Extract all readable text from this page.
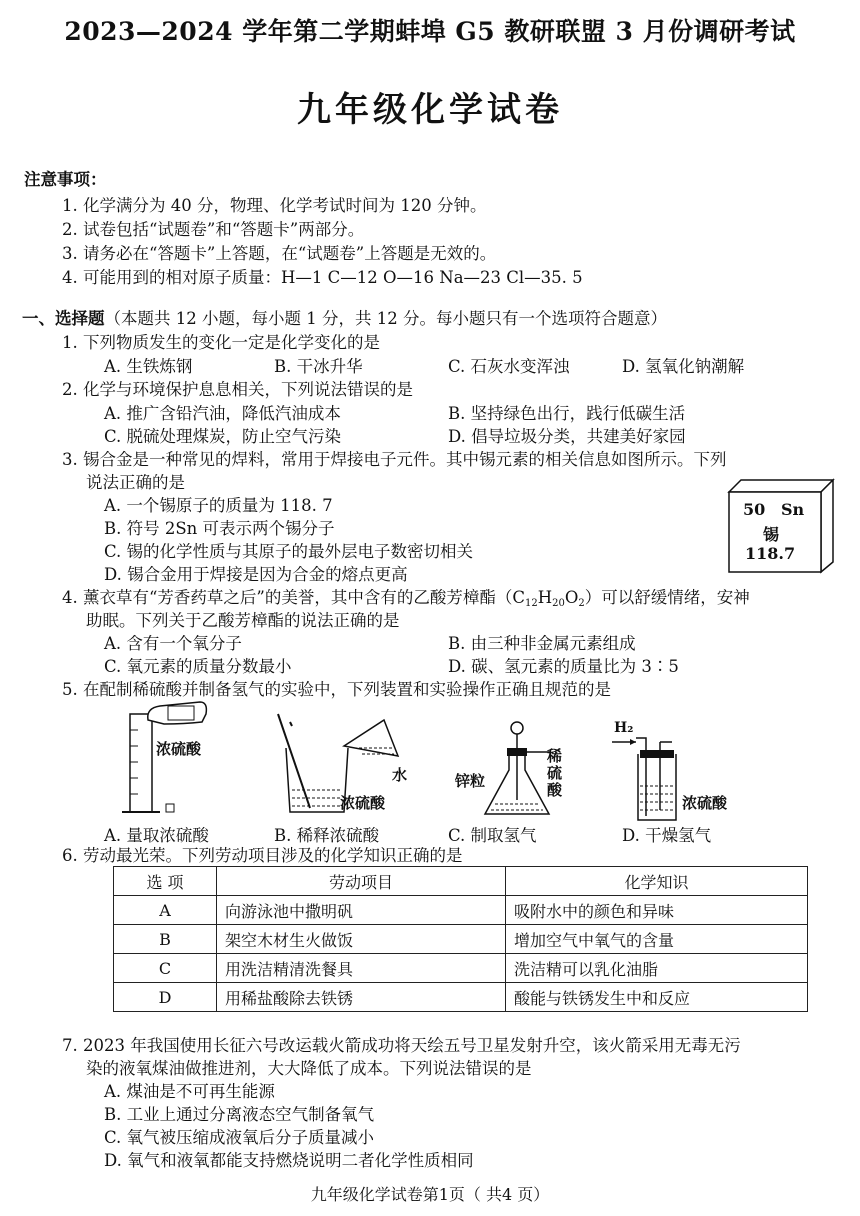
2023—2024 学年第二学期蚌埠 G5 教研联盟 3 月份调研考试
九年级化学试卷
注意事项：
1. 化学满分为 40 分，物理、化学考试时间为 120 分钟。
2. 试卷包括“试题卷”和“答题卡”两部分。
3. 请务必在“答题卡”上答题，在“试题卷”上答题是无效的。
4. 可能用到的相对原子质量：H—1 C—12 O—16 Na—23 Cl—35. 5
一、选择题（本题共 12 小题，每小题 1 分，共 12 分。每小题只有一个选项符合题意）
1. 下列物质发生的变化一定是化学变化的是
A. 生铁炼钢	B. 干冰升华	C. 石灰水变浑浊	D. 氢氧化钠潮解
2. 化学与环境保护息息相关，下列说法错误的是
A. 推广含铅汽油，降低汽油成本	B. 坚持绿色出行，践行低碳生活
C. 脱硫处理煤炭，防止空气污染	D. 倡导垃圾分类，共建美好家园
3. 锡合金是一种常见的焊料，常用于焊接电子元件。其中锡元素的相关信息如图所示。下列
说法正确的是
A. 一个锡原子的质量为 118. 7
B. 符号 2Sn 可表示两个锡分子
C. 锡的化学性质与其原子的最外层电子数密切相关
D. 锡合金用于焊接是因为合金的熔点更高
50 Sn
锡
118.7
4. 薰衣草有“芳香药草之后”的美誉，其中含有的乙酸芳樟酯$(C_{12}H_{20}O_2)$可以舒缓情绪，安神
助眠。下列关于乙酸芳樟酯的说法正确的是
A. 含有一个氧分子	B. 由三种非金属元素组成
C. 氧元素的质量分数最小	D. 碳、氢元素的质量比为 3∶5
5. 在配制稀硫酸并制备氢气的实验中，下列装置和实验操作正确且规范的是
浓硫酸
水
浓硫酸
锌粒
稀
硫
酸
H₂
浓硫酸
A. 量取浓硫酸	B. 稀释浓硫酸	C. 制取氢气	D. 干燥氢气
6. 劳动最光荣。下列劳动项目涉及的化学知识正确的是
选 项	劳动项目	化学知识
A	向游泳池中撒明矾	吸附水中的颜色和异味
B	架空木材生火做饭	增加空气中氧气的含量
C	用洗洁精清洗餐具	洗洁精可以乳化油脂
D	用稀盐酸除去铁锈	酸能与铁锈发生中和反应
7. 2023 年我国使用长征六号改运载火箭成功将天绘五号卫星发射升空，该火箭采用无毒无污
染的液氧煤油做推进剂，大大降低了成本。下列说法错误的是
A. 煤油是不可再生能源
B. 工业上通过分离液态空气制备氧气
C. 氧气被压缩成液氧后分子质量减小
D. 氧气和液氧都能支持燃烧说明二者化学性质相同
九年级化学试卷第1页（ 共4 页）
